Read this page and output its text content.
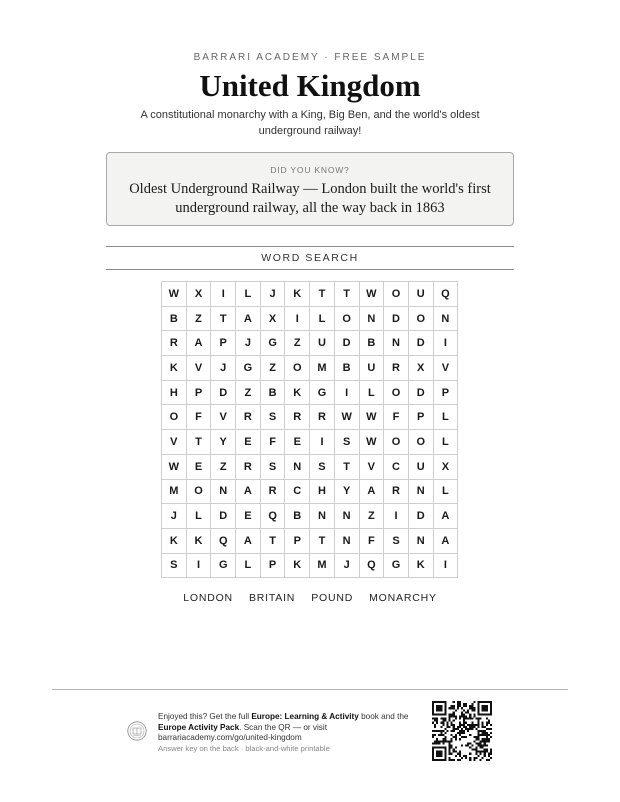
BARRARI ACADEMY · FREE SAMPLE
United Kingdom

A constitutional monarchy with a King, Big Ben, and the world's oldest underground railway!

DID YOU KNOW?
Oldest Underground Railway — London built the world's first underground railway, all the way back in 1863
WORD SEARCH
W	X	I	L	J	K	T	T	W	O	U	Q
B	Z	T	A	X	I	L	O	N	D	O	N
R	A	P	J	G	Z	U	D	B	N	D	I
K	V	J	G	Z	O	M	B	U	R	X	V
H	P	D	Z	B	K	G	I	L	O	D	P
O	F	V	R	S	R	R	W	W	F	P	L
V	T	Y	E	F	E	I	S	W	O	O	L
W	E	Z	R	S	N	S	T	V	C	U	X
M	O	N	A	R	C	H	Y	A	R	N	L
J	L	D	E	Q	B	N	N	Z	I	D	A
K	K	Q	A	T	P	T	N	F	S	N	A
S	I	G	L	P	K	M	J	Q	G	K	I
LONDON BRITAIN POUND MONARCHY
Enjoyed this? Get the full Europe: Learning & Activity book and the Europe Activity Pack. Scan the QR — or visit barrariacademy.com/go/united-kingdom
Answer key on the back · black-and-white printable
